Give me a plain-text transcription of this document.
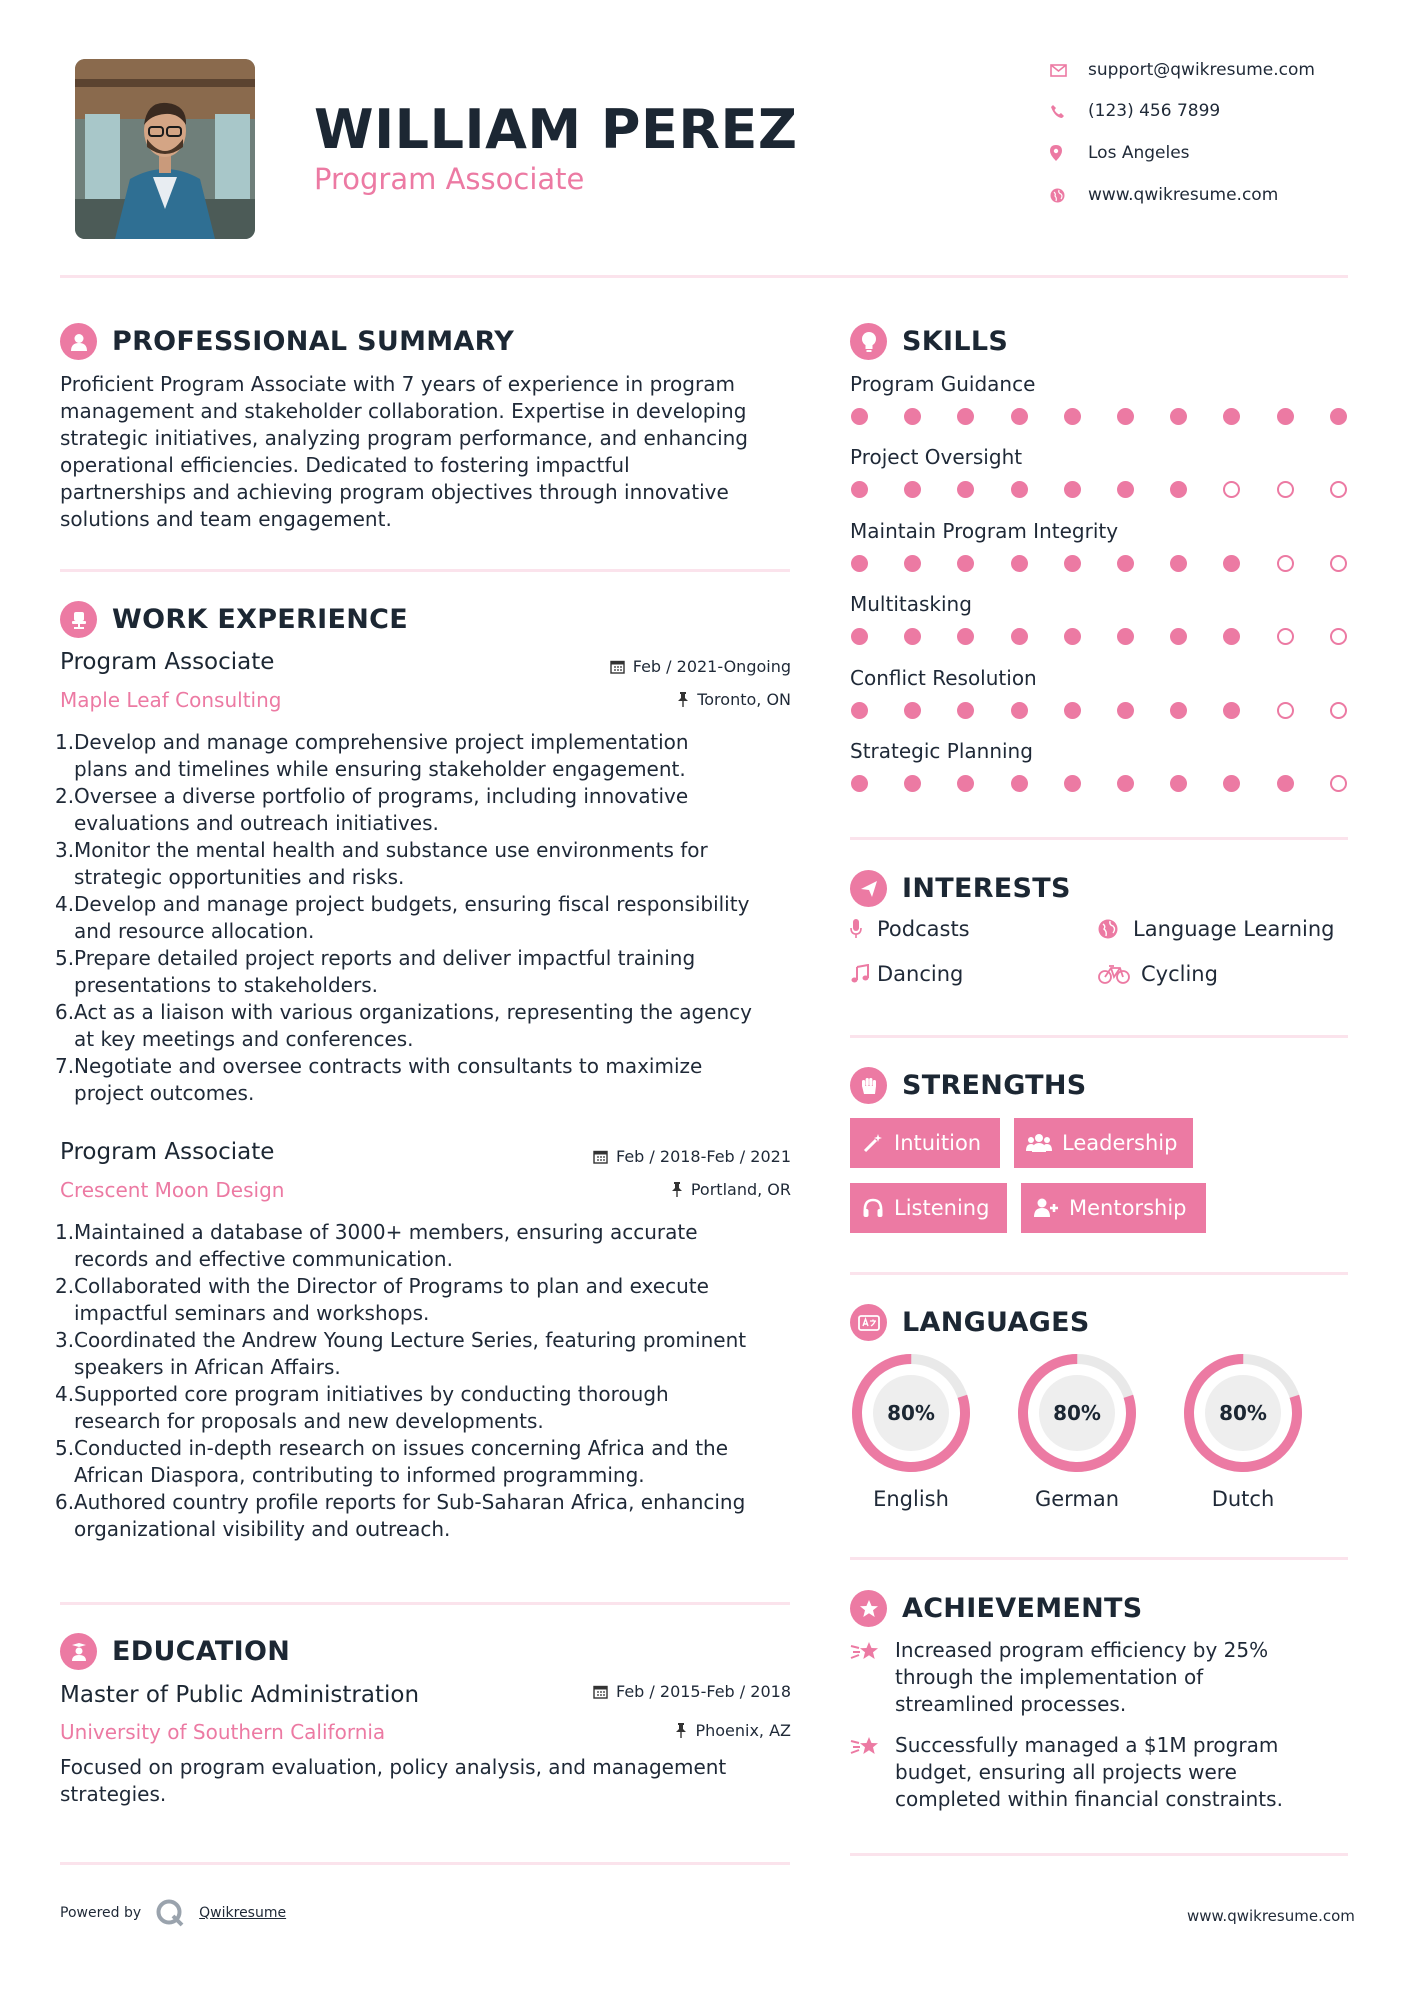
WILLIAM PEREZ
Program Associate
support@qwikresume.com
(123) 456 7899
Los Angeles
www.qwikresume.com
PROFESSIONAL SUMMARY
Proficient Program Associate with 7 years of experience in program
management and stakeholder collaboration. Expertise in developing
strategic initiatives, analyzing program performance, and enhancing
operational efficiencies. Dedicated to fostering impactful
partnerships and achieving program objectives through innovative
solutions and team engagement.
WORK EXPERIENCE
Program Associate
Maple Leaf Consulting
Feb / 2021-Ongoing
Toronto, ON
1. Develop and manage comprehensive project implementation
plans and timelines while ensuring stakeholder engagement.
2. Oversee a diverse portfolio of programs, including innovative
evaluations and outreach initiatives.
3. Monitor the mental health and substance use environments for
strategic opportunities and risks.
4. Develop and manage project budgets, ensuring fiscal responsibility
and resource allocation.
5. Prepare detailed project reports and deliver impactful training
presentations to stakeholders.
6. Act as a liaison with various organizations, representing the agency
at key meetings and conferences.
7. Negotiate and oversee contracts with consultants to maximize
project outcomes.
Program Associate
Crescent Moon Design
Feb / 2018-Feb / 2021
Portland, OR
1. Maintained a database of 3000+ members, ensuring accurate
records and effective communication.
2. Collaborated with the Director of Programs to plan and execute
impactful seminars and workshops.
3. Coordinated the Andrew Young Lecture Series, featuring prominent
speakers in African Affairs.
4. Supported core program initiatives by conducting thorough
research for proposals and new developments.
5. Conducted in-depth research on issues concerning Africa and the
African Diaspora, contributing to informed programming.
6. Authored country profile reports for Sub-Saharan Africa, enhancing
organizational visibility and outreach.
EDUCATION
Master of Public Administration
University of Southern California
Feb / 2015-Feb / 2018
Phoenix, AZ
Focused on program evaluation, policy analysis, and management
strategies.
SKILLS
Program Guidance
Project Oversight
Maintain Program Integrity
Multitasking
Conflict Resolution
Strategic Planning
INTERESTS
Podcasts	Language Learning
Dancing	Cycling
STRENGTHS
Intuition	Leadership
Listening	Mentorship
LANGUAGES
80%
English
80%
German
80%
Dutch
ACHIEVEMENTS
Increased program efficiency by 25%
through the implementation of
streamlined processes.
Successfully managed a $1M program
budget, ensuring all projects were
completed within financial constraints.
Powered by	Qwikresume	www.qwikresume.com
